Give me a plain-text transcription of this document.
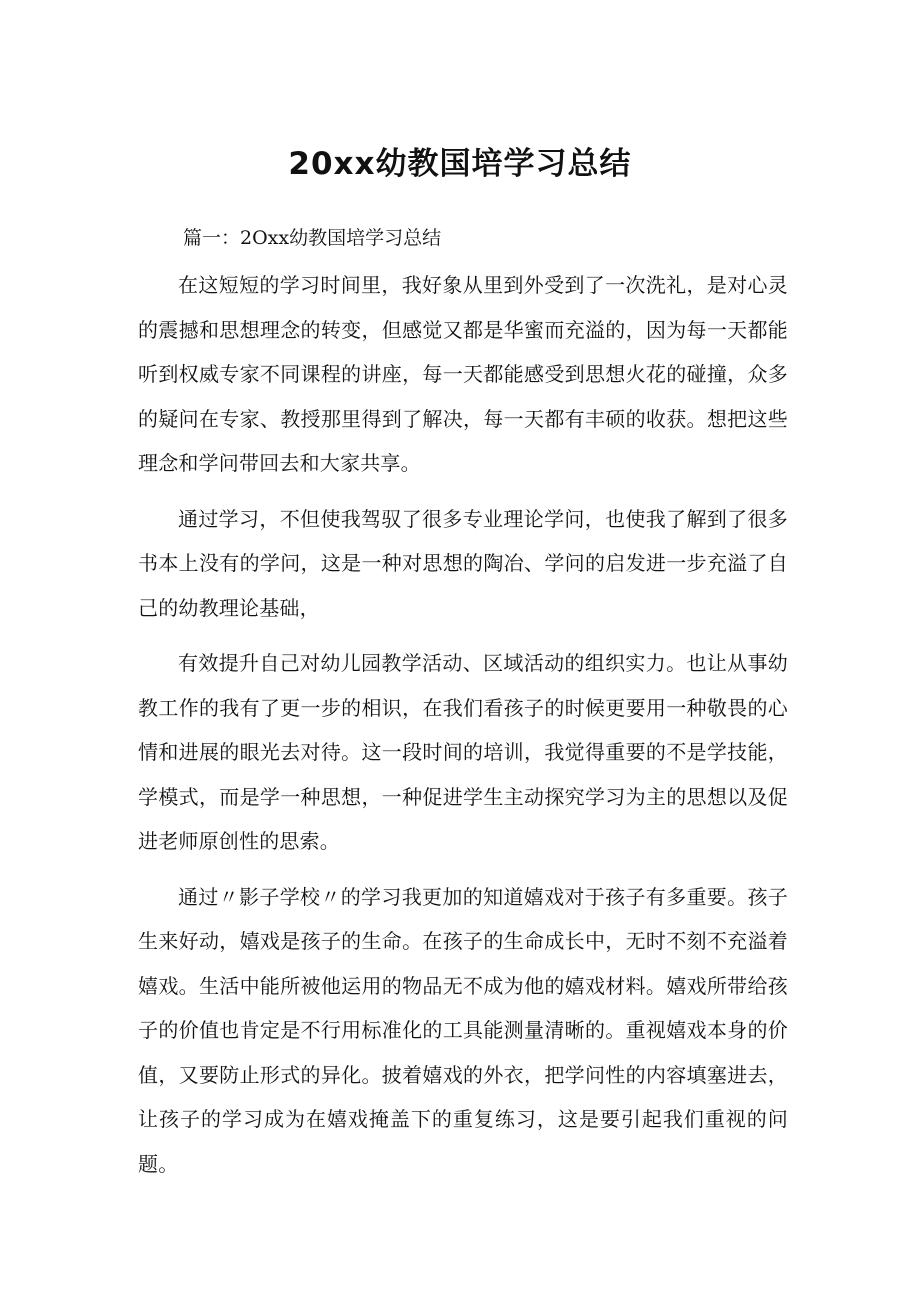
20xx幼教国培学习总结

篇一：2Oxx幼教国培学习总结

在这短短的学习时间里，我好象从里到外受到了一次洗礼，是对心灵的震撼和思想理念的转变，但感觉又都是华蜜而充溢的，因为每一天都能听到权威专家不同课程的讲座，每一天都能感受到思想火花的碰撞，众多的疑问在专家、教授那里得到了解决，每一天都有丰硕的收获。想把这些理念和学问带回去和大家共享。

通过学习，不但使我驾驭了很多专业理论学问，也使我了解到了很多书本上没有的学问，这是一种对思想的陶冶、学问的启发进一步充溢了自己的幼教理论基础，

有效提升自己对幼儿园教学活动、区域活动的组织实力。也让从事幼教工作的我有了更一步的相识，在我们看孩子的时候更要用一种敬畏的心情和进展的眼光去对待。这一段时间的培训，我觉得重要的不是学技能，学模式，而是学一种思想，一种促进学生主动探究学习为主的思想以及促进老师原创性的思索。

通过〃影子学校〃的学习我更加的知道嬉戏对于孩子有多重要。孩子生来好动，嬉戏是孩子的生命。在孩子的生命成长中，无时不刻不充溢着嬉戏。生活中能所被他运用的物品无不成为他的嬉戏材料。嬉戏所带给孩子的价值也肯定是不行用标准化的工具能测量清晰的。重视嬉戏本身的价值，又要防止形式的异化。披着嬉戏的外衣，把学问性的内容填塞进去，让孩子的学习成为在嬉戏掩盖下的重复练习，这是要引起我们重视的问题。
